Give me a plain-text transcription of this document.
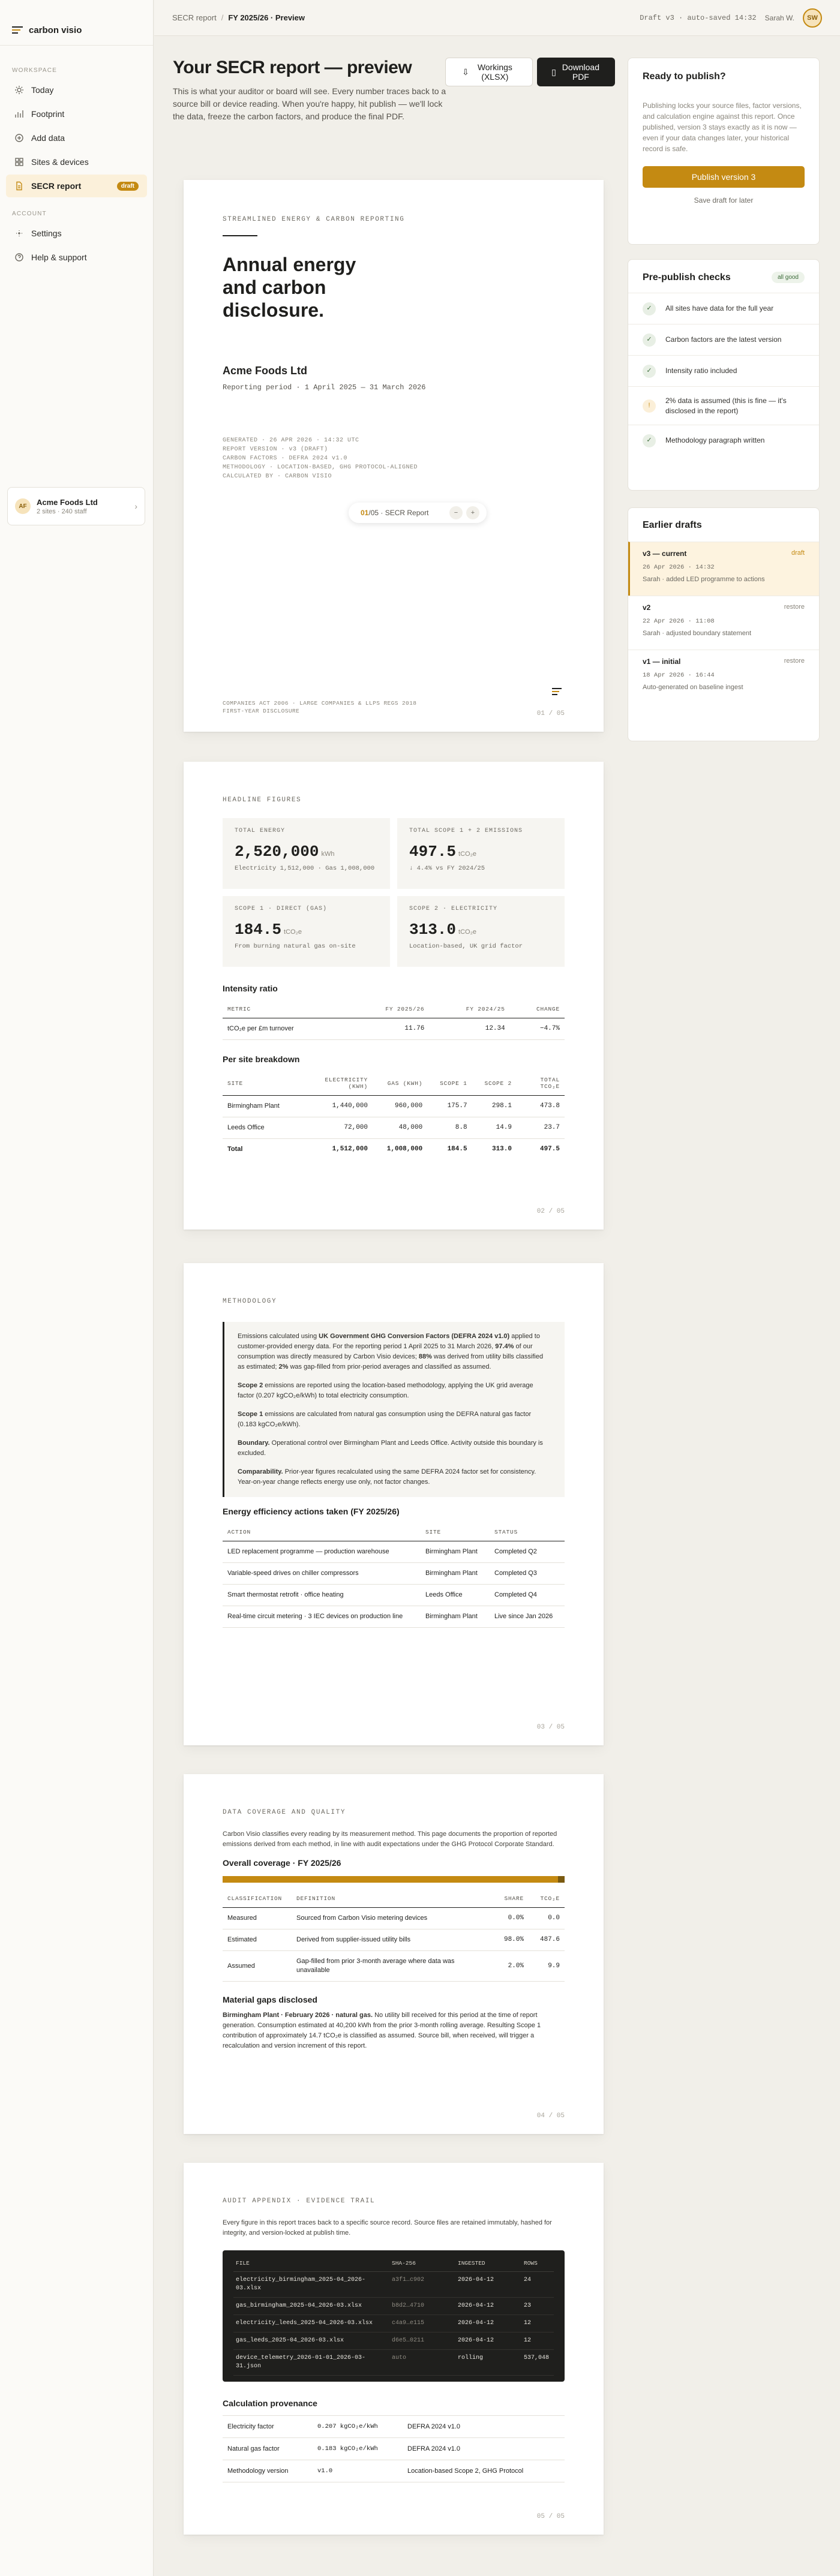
carbon visio
WORKSPACE
Today
Footprint
Add data
Sites & devices
SECR report	draft
ACCOUNT
Settings
Help & support
AF	Acme Foods Ltd
2 sites · 240 staff
›
SECR report / FY 2025/26 · Preview	Draft v3 · auto-saved 14:32 Sarah W.	SW
Your SECR report — preview

This is what your auditor or board will see. Every number traces back to a source bill or device reading. When you're happy, hit publish — we'll lock the data, freeze the carbon factors, and produce the final PDF.

⇩ Workings (XLSX)	▯ Download PDF
STREAMLINED ENERGY & CARBON REPORTING
Annual energy and carbon disclosure.
Acme Foods Ltd
Reporting period · 1 April 2025 — 31 March 2026
GENERATED · 26 APR 2026 · 14:32 UTC
REPORT VERSION · v3 (DRAFT)
CARBON FACTORS · DEFRA 2024 v1.0
METHODOLOGY · LOCATION-BASED, GHG PROTOCOL-ALIGNED
CALCULATED BY · CARBON VISIO
01 /05 · SECR Report	−	+
COMPANIES ACT 2006 · LARGE COMPANIES & LLPS REGS 2018
FIRST-YEAR DISCLOSURE	01 / 05
HEADLINE FIGURES
TOTAL ENERGY
2,520,000 kWh
Electricity 1,512,000 · Gas 1,008,000
TOTAL SCOPE 1 + 2 EMISSIONS
497.5 tCO₂e
↓ 4.4% vs FY 2024/25
SCOPE 1 · DIRECT (GAS)
184.5 tCO₂e
From burning natural gas on-site
SCOPE 2 · ELECTRICITY
313.0 tCO₂e
Location-based, UK grid factor
Intensity ratio
METRIC	FY 2025/26	FY 2024/25	CHANGE
tCO₂e per £m turnover	11.76	12.34	−4.7%
Per site breakdown
SITE	ELECTRICITY (KWH)	GAS (KWH)	SCOPE 1	SCOPE 2	TOTAL TCO₂E
Birmingham Plant	1,440,000	960,000	175.7	298.1	473.8
Leeds Office	72,000	48,000	8.8	14.9	23.7
Total	1,512,000	1,008,000	184.5	313.0	497.5
02 / 05
METHODOLOGY

Emissions calculated using UK Government GHG Conversion Factors (DEFRA 2024 v1.0) applied to customer-provided energy data. For the reporting period 1 April 2025 to 31 March 2026, 97.4% of our consumption was directly measured by Carbon Visio devices; 88% was derived from utility bills classified as estimated; 2% was gap-filled from prior-period averages and classified as assumed.

Scope 2 emissions are reported using the location-based methodology, applying the UK grid average factor (0.207 kgCO₂e/kWh) to total electricity consumption.

Scope 1 emissions are calculated from natural gas consumption using the DEFRA natural gas factor (0.183 kgCO₂e/kWh).

Boundary. Operational control over Birmingham Plant and Leeds Office. Activity outside this boundary is excluded.

Comparability. Prior-year figures recalculated using the same DEFRA 2024 factor set for consistency. Year-on-year change reflects energy use only, not factor changes.

Energy efficiency actions taken (FY 2025/26)
ACTION	SITE	STATUS
LED replacement programme — production warehouse	Birmingham Plant	Completed Q2
Variable-speed drives on chiller compressors	Birmingham Plant	Completed Q3
Smart thermostat retrofit · office heating	Leeds Office	Completed Q4
Real-time circuit metering · 3 IEC devices on production line	Birmingham Plant	Live since Jan 2026
03 / 05
DATA COVERAGE AND QUALITY

Carbon Visio classifies every reading by its measurement method. This page documents the proportion of reported emissions derived from each method, in line with audit expectations under the GHG Protocol Corporate Standard.

Overall coverage · FY 2025/26
CLASSIFICATION	DEFINITION	SHARE	TCO₂E
Measured	Sourced from Carbon Visio metering devices	0.0%	0.0
Estimated	Derived from supplier-issued utility bills	98.0%	487.6
Assumed	Gap-filled from prior 3-month average where data was unavailable	2.0%	9.9
Material gaps disclosed

Birmingham Plant · February 2026 · natural gas. No utility bill received for this period at the time of report generation. Consumption estimated at 40,200 kWh from the prior 3-month rolling average. Resulting Scope 1 contribution of approximately 14.7 tCO₂e is classified as assumed. Source bill, when received, will trigger a recalculation and version increment of this report.

04 / 05
AUDIT APPENDIX · EVIDENCE TRAIL

Every figure in this report traces back to a specific source record. Source files are retained immutably, hashed for integrity, and version-locked at publish time.

FILE	SHA-256	INGESTED	ROWS
electricity_birmingham_2025-04_2026-03.xlsx	a3f1…c902	2026-04-12	24
gas_birmingham_2025-04_2026-03.xlsx	b8d2…4710	2026-04-12	23
electricity_leeds_2025-04_2026-03.xlsx	c4a9…e115	2026-04-12	12
gas_leeds_2025-04_2026-03.xlsx	d6e5…0211	2026-04-12	12
device_telemetry_2026-01-01_2026-03-31.json	auto	rolling	537,048
Calculation provenance
Electricity factor	0.207 kgCO₂e/kWh	DEFRA 2024 v1.0
Natural gas factor	0.183 kgCO₂e/kWh	DEFRA 2024 v1.0
Methodology version	v1.0	Location-based Scope 2, GHG Protocol
05 / 05
Ready to publish?

Publishing locks your source files, factor versions, and calculation engine against this report. Once published, version 3 stays exactly as it is now — even if your data changes later, your historical record is safe.

Publish version 3
Save draft for later
Pre-publish checks	all good
✓	All sites have data for the full year
✓	Carbon factors are the latest version
✓	Intensity ratio included
!
2% data is assumed (this is fine — it's disclosed in the report)
✓	Methodology paragraph written
Earlier drafts
v3 — current	draft
26 Apr 2026 · 14:32
Sarah · added LED programme to actions
v2	restore
22 Apr 2026 · 11:08
Sarah · adjusted boundary statement
v1 — initial	restore
18 Apr 2026 · 16:44
Auto-generated on baseline ingest
